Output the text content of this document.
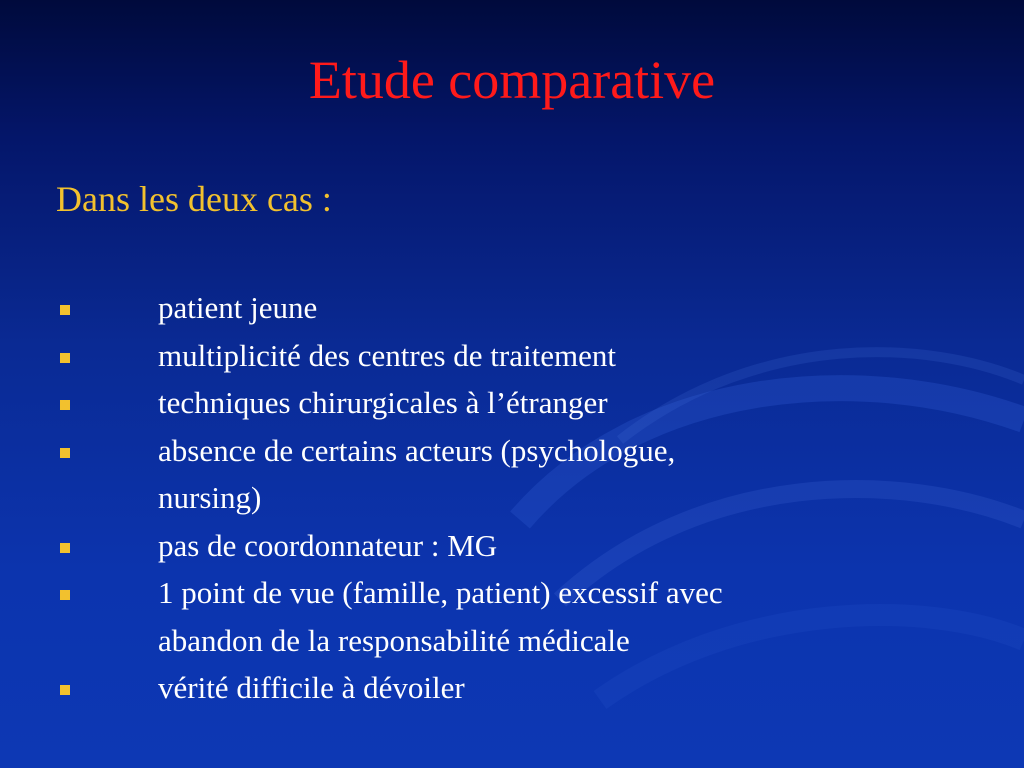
Etude comparative

Dans les deux cas :

patient jeune
multiplicité des centres de traitement
techniques chirurgicales à l’étranger
absence de certains acteurs (psychologue,
nursing)
pas de coordonnateur : MG
1 point de vue (famille, patient) excessif avec
abandon de la responsabilité médicale
vérité difficile à dévoiler
